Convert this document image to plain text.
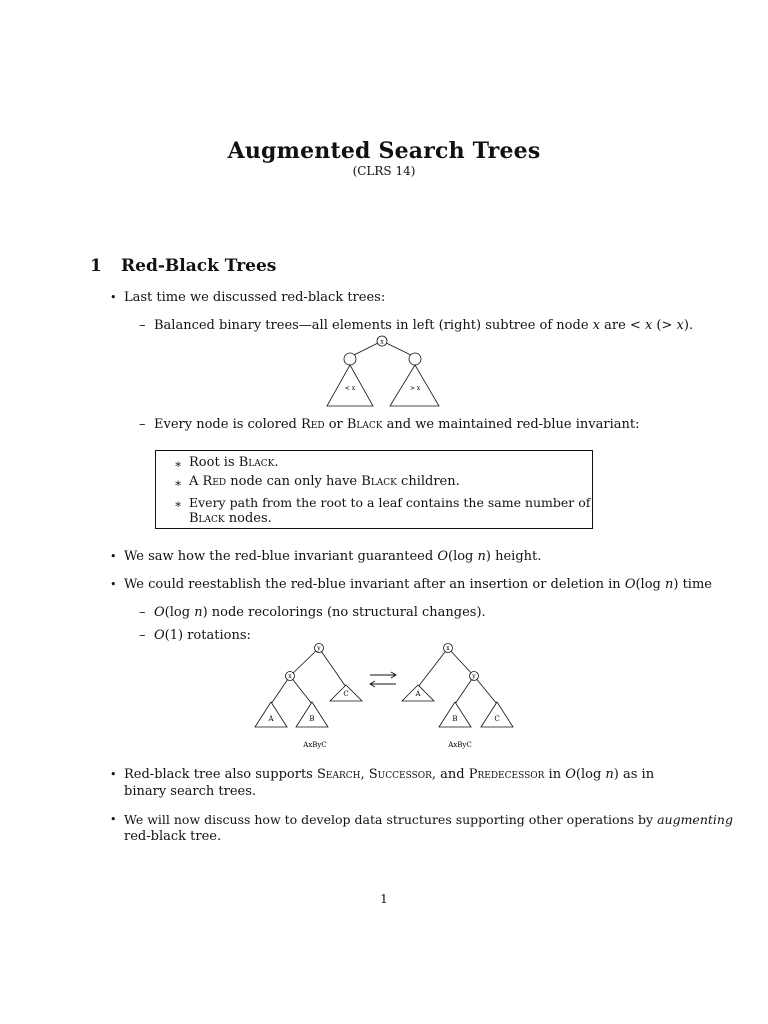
Augmented Search Trees
(CLRS 14)
1 Red-Black Trees
• Last time we discussed red-black trees:
– Balanced binary trees—all elements in left (right) subtree of node x are < x (> x).
x
< x	> x
– Every node is colored Red or Black and we maintained red-blue invariant:
∗ Root is Black.
∗ A Red node can only have Black children.
∗ Every path from the root to a leaf contains the same number of
Black nodes.
• We saw how the red-blue invariant guaranteed O(log n) height.
• We could reestablish the red-blue invariant after an insertion or deletion in O(log n) time
– O(log n) node recolorings (no structural changes).
– O(1) rotations:
y
x
C
A	B
AxByC
x
y
A
B	C
AxByC
• Red-black tree also supports Search, Successor, and Predecessor in O(log n) as in
binary search trees.
• We will now discuss how to develop data structures supporting other operations by augmenting
red-black tree.
1
